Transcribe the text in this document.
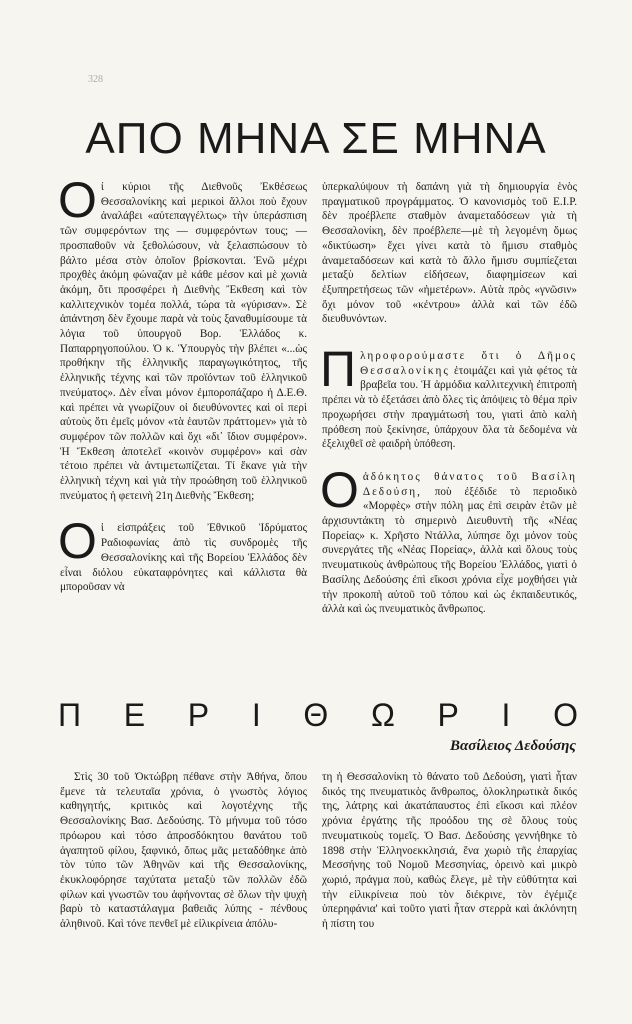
328
ΑΠΟ ΜΗΝΑ ΣΕ ΜΗΝΑ

Οί κύριοι τῆς Διεθνοῦς Ἐκθέσεως Θεσσαλονίκης καὶ μερικοὶ ἄλλοι ποὺ ἔχουν ἀναλάβει «αὐτεπαγγέλτως» τὴν ὑπεράσπιση τῶν συμφερόντων της — συμφερόντων τους; — προσπαθοῦν νὰ ξεθολώσουν, νὰ ξελασπώσουν τὸ βάλτο μέσα στὸν ὁποῖον βρίσκονται. Ἐνῶ μέχρι προχθὲς ἀκόμη φώναζαν μὲ κάθε μέσον καὶ μὲ χωνιὰ ἀκόμη, ὅτι προσφέρει ἡ Διεθνὴς Ἔκθεση καὶ τὸν καλλιτεχνικὸν τομέα πολλά, τώρα τὰ «γύρισαν». Σὲ ἀπάντηση δὲν ἔχουμε παρὰ νὰ τοὺς ξαναθυμίσουμε τὰ λόγια τοῦ ὑπουργοῦ Βορ. Ἑλλάδος κ. Παπαρρηγοπούλου. Ὁ κ. Ὑπουργὸς τὴν βλέπει «...ὡς προθήκην τῆς ἑλληνικῆς παραγωγικότητος, τῆς ἑλληνικῆς τέχνης καὶ τῶν προϊόντων τοῦ ἑλληνικοῦ πνεύματος». Δὲν εἶναι μόνον ἐμποροπάζαρο ἡ Δ.Ε.Θ. καὶ πρέπει νὰ γνωρίζουν οἱ διευθύνοντες καὶ οἱ περὶ αὐτοὺς ὅτι ἐμεῖς μόνον «τὰ ἑαυτῶν πράττομεν» γιὰ τὸ συμφέρον τῶν πολλῶν καὶ ὄχι «δι᾿ ἴδιον συμφέρον». Ἡ Ἔκθεση ἀποτελεῖ «κοινὸν συμφέρον» καὶ σὰν τέτοιο πρέπει νὰ ἀντιμετωπίζεται. Τί ἔκανε γιὰ τὴν ἑλληνικὴ τέχνη καὶ γιὰ τὴν προώθηση τοῦ ἑλληνικοῦ πνεύματος ἡ φετεινὴ 21η Διεθνὴς Ἔκθεση;

Οἱ εἰσπράξεις τοῦ Ἐθνικοῦ Ἱδρύματος Ραδιοφωνίας ἀπὸ τὶς συνδρομὲς τῆς Θεσσαλονίκης καὶ τῆς Βορείου Ἑλλάδος δὲν εἶναι διόλου εὐκαταφρόνητες καὶ κάλλιστα θὰ μποροῦσαν νὰ

ὑπερκαλύψουν τὴ δαπάνη γιὰ τὴ δημιουργία ἑνὸς πραγματικοῦ προγράμματος. Ὁ κανονισμὸς τοῦ Ε.Ι.Ρ. δὲν προέβλεπε σταθμὸν ἀναμεταδόσεων γιὰ τὴ Θεσσαλονίκη, δὲν προέβλεπε—μὲ τὴ λεγομένη ὅμως «δικτύωση» ἔχει γίνει κατὰ τὸ ἥμισυ σταθμὸς ἀναμεταδόσεων καὶ κατὰ τὸ ἄλλο ἥμισυ συμπίεζεται μεταξὺ δελτίων εἰδήσεων, διαφημίσεων καὶ ἐξυπηρετήσεως τῶν «ἡμετέρων». Αὐτὰ πρὸς «γνῶσιν» ὄχι μόνον τοῦ «κέντρου» ἀλλὰ καὶ τῶν ἐδῶ διευθυνόντων.

Πληροφορούμαστε ὅτι ὁ Δῆμος Θεσσαλονίκης ἑτοιμάζει καὶ γιὰ φέτος τὰ βραβεῖα του. Ἡ ἁρμόδια καλλιτεχνικὴ ἐπιτροπὴ πρέπει νὰ τὸ ἐξετάσει ἀπὸ ὅλες τὶς ἀπόψεις τὸ θέμα πρὶν προχωρήσει στὴν πραγμάτωσή του, γιατὶ ἀπὸ καλὴ πρόθεση ποὺ ξεκίνησε, ὑπάρχουν ὅλα τὰ δεδομένα νὰ ἐξελιχθεῖ σὲ φαιδρὴ ὑπόθεση.

Οἀδόκητος θάνατος τοῦ Βασίλη Δεδούση, ποὺ ἐξέδιδε τὸ περιοδικὸ «Μορφὲς» στὴν πόλη μας ἐπὶ σειρὰν ἐτῶν μὲ ἀρχισυντάκτη τὸ σημερινὸ Διευθυντὴ τῆς «Νέας Πορείας» κ. Χρῆστο Ντάλλα, λύπησε ὄχι μόνον τοὺς συνεργάτες τῆς «Νέας Πορείας», ἀλλὰ καὶ ὅλους τοὺς πνευματικοὺς ἀνθρώπους τῆς Βορείου Ἑλλάδος, γιατὶ ὁ Βασίλης Δεδούσης ἐπὶ εἴκοσι χρόνια εἶχε μοχθήσει γιὰ τὴν προκοπὴ αὐτοῦ τοῦ τόπου καὶ ὡς ἐκπαιδευτικός, ἀλλὰ καὶ ὡς πνευματικὸς ἄνθρωπος.

Π Ε Ρ Ι Θ Ω Ρ Ι Ο
Βασίλειος Δεδούσης

Στὶς 30 τοῦ Ὀκτώβρη πέθανε στὴν Ἀθήνα, ὅπου ἔμενε τὰ τελευταῖα χρόνια, ὁ γνωστὸς λόγιος καθηγητής, κριτικὸς καὶ λογοτέχνης τῆς Θεσσαλονίκης Βασ. Δεδούσης. Τὸ μήνυμα τοῦ τόσο πρόωρου καὶ τόσο ἀπροσδόκητου θανάτου τοῦ ἀγαπητοῦ φίλου, ξαφνικό, ὅπως μᾶς μεταδόθηκε ἀπὸ τὸν τύπο τῶν Ἀθηνῶν καὶ τῆς Θεσσαλονίκης, ἐκυκλοφόρησε ταχύτατα μεταξὺ τῶν πολλῶν ἐδῶ φίλων καὶ γνωστῶν του ἀφήνοντας σὲ ὅλων τὴν ψυχὴ βαρὺ τὸ καταστάλαγμα βαθειᾶς λύπης - πένθους ἀληθινοῦ. Καὶ τόνε πενθεῖ μὲ εἰλικρίνεια ἀπόλυ-

τη ἡ Θεσσαλονίκη τὸ θάνατο τοῦ Δεδούση, γιατὶ ἦταν δικός της πνευματικὸς ἄνθρωπος, ὁλοκληρωτικὰ δικός της, λάτρης καὶ ἀκατάπαυστος ἐπὶ εἴκοσι καὶ πλέον χρόνια ἐργάτης τῆς προόδου της σὲ ὅλους τοὺς πνευματικοὺς τομεῖς. Ὁ Βασ. Δεδούσης γεννήθηκε τὸ 1898 στὴν Ἑλληνοεκκλησιά, ἕνα χωριὸ τῆς ἐπαρχίας Μεσσήνης τοῦ Νομοῦ Μεσσηνίας, ὀρεινὸ καὶ μικρὸ χωριό, πράγμα ποὺ, καθὼς ἔλεγε, μὲ τὴν εὐθύτητα καὶ τὴν εἰλικρίνεια ποὺ τὸν διέκρινε, τὸν ἐγέμιζε ὑπερηφάνια' καὶ τοῦτο γιατὶ ἦταν στερρὰ καὶ ἀκλόνητη ἡ πίστη του
